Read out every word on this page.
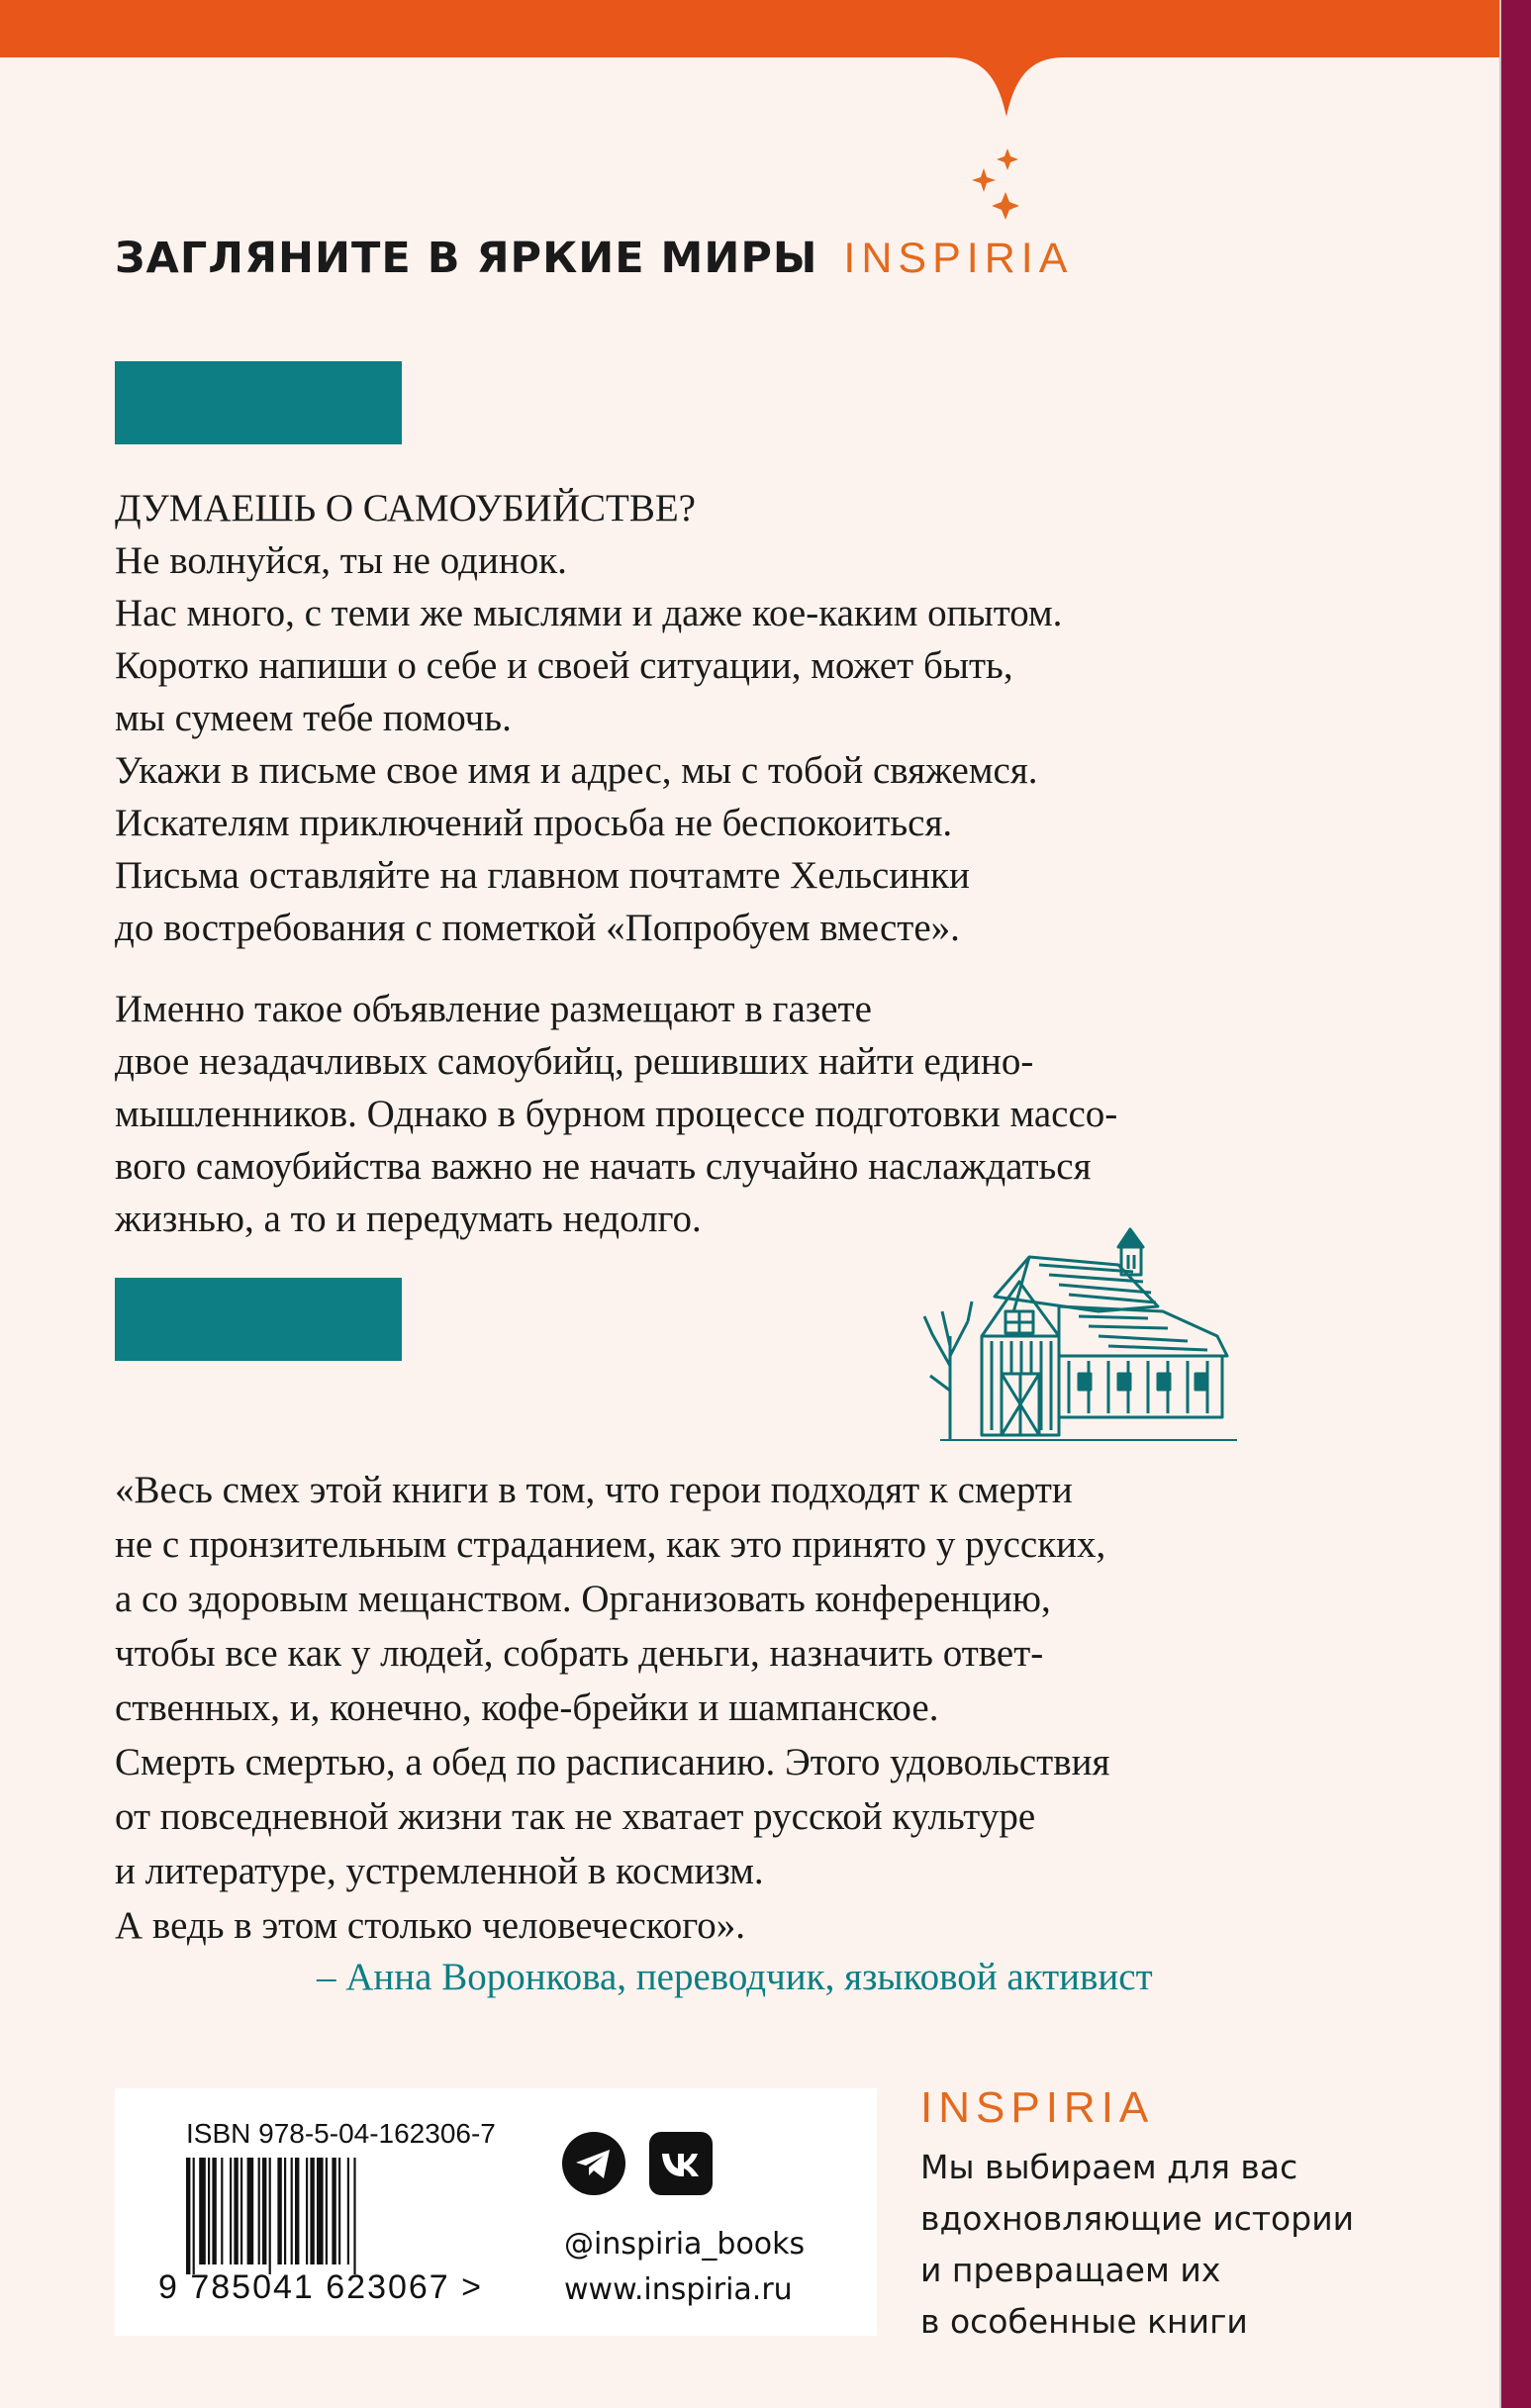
ЗАГЛЯНИТЕ В ЯРКИЕ МИРЫ INSPIRIA
ДУМАЕШЬ О САМОУБИЙСТВЕ?
Не волнуйся, ты не одинок.
Нас много, с теми же мыслями и даже кое-каким опытом.
Коротко напиши о себе и своей ситуации, может быть,
мы сумеем тебе помочь.
Укажи в письме свое имя и адрес, мы с тобой свяжемся.
Искателям приключений просьба не беспокоиться.
Письма оставляйте на главном почтамте Хельсинки
до востребования с пометкой «Попробуем вместе».
Именно такое объявление размещают в газете
двое незадачливых самоубийц, решивших найти едино-
мышленников. Однако в бурном процессе подготовки массо-
вого самоубийства важно не начать случайно наслаждаться
жизнью, а то и передумать недолго.
«Весь смех этой книги в том, что герои подходят к смерти
не с пронзительным страданием, как это принято у русских,
а со здоровым мещанством. Организовать конференцию,
чтобы все как у людей, собрать деньги, назначить ответ-
ственных, и, конечно, кофе-брейки и шампанское.
Смерть смертью, а обед по расписанию. Этого удовольствия
от повседневной жизни так не хватает русской культуре
и литературе, устремленной в космизм.
А ведь в этом столько человеческого».
– Анна Воронкова, переводчик, языковой активист
ISBN 978-5-04-162306-7
9 785041 623067 >
@inspiria_books
www.inspiria.ru
INSPIRIA
Мы выбираем для вас
вдохновляющие истории
и превращаем их
в особенные книги
